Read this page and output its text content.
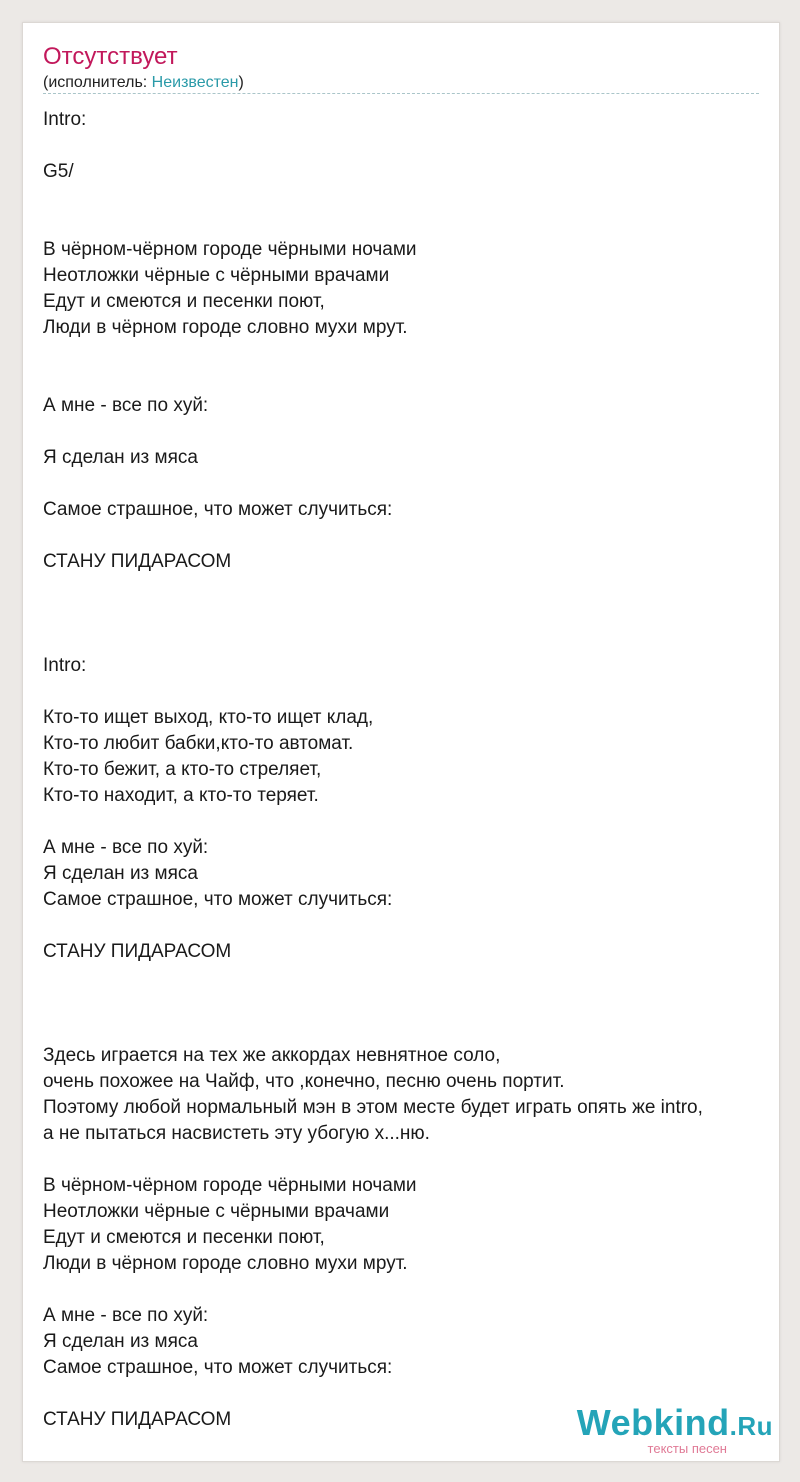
Отсутствует
(исполнитель: Неизвестен)
Intro:

G5/

В чёрном-чёрном городе чёрными ночами
Неотложки чёрные с чёрными врачами
Едут и смеются и песенки поют,
Люди в чёрном городе словно мухи мрут.

А мне - все по хуй:

Я сделан из мяса

Самое страшное, что может случиться:

СТАНУ ПИДАРАСОМ

Intro:

Кто-то ищет выход, кто-то ищет клад,
Кто-то любит бабки,кто-то автомат.
Кто-то бежит, а кто-то стреляет,
Кто-то находит, а кто-то теряет.

А мне - все по хуй:
Я сделан из мяса
Самое страшное, что может случиться:

СТАНУ ПИДАРАСОМ

Здесь играется на тех же аккордах невнятное соло,
очень похожее на Чайф, что ,конечно, песню очень портит.
Поэтому любой нормальный мэн в этом месте будет играть опять же intro,
а не пытаться насвистеть эту убогую х...ню.

В чёрном-чёрном городе чёрными ночами
Неотложки чёрные с чёрными врачами
Едут и смеются и песенки поют,
Люди в чёрном городе словно мухи мрут.

А мне - все по хуй:
Я сделан из мяса
Самое страшное, что может случиться:

СТАНУ ПИДАРАСОМ	Webkind.Ru
тексты песен
